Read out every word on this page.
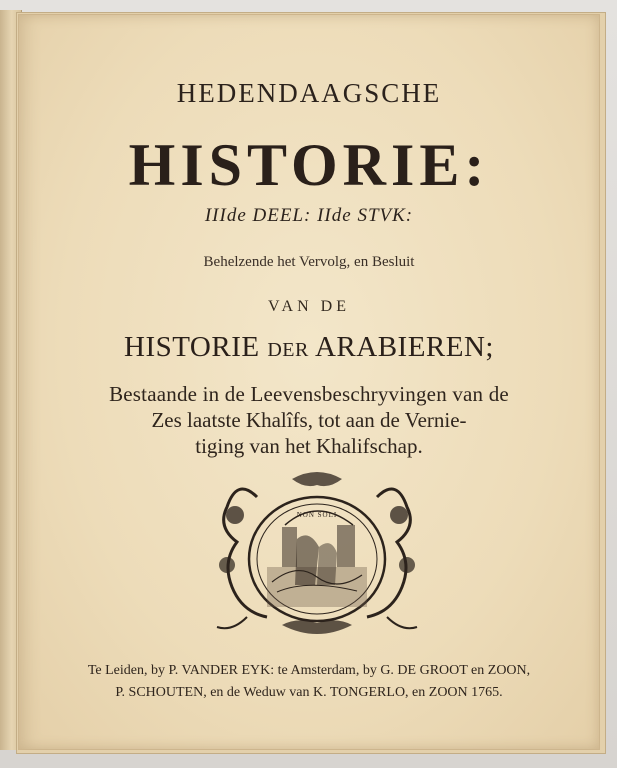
HEDENDAAGSCHE
HISTORIE:
IIIde DEEL: IIde STVK:
Behelzende het Vervolg, en Besluit
VAN DE
HISTORIE DER ARABIEREN;
Bestaande in de Leevensbeschryvingen van de
Zes laatste Khalîfs, tot aan de Vernie-
tiging van het Khalifschap.
NON SOLI
Te Leiden, by P. VANDER EYK: te Amsterdam, by G. DE GROOT en ZOON,
P. SCHOUTEN, en de Weduw van K. TONGERLO, en ZOON 1765.
